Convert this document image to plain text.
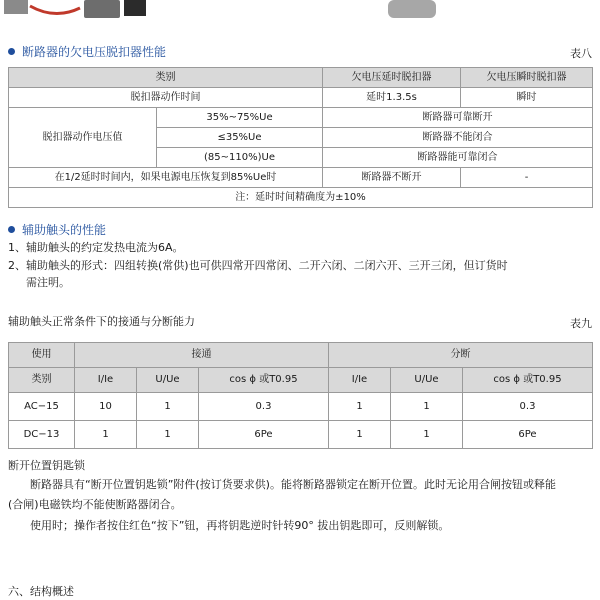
断路器的欠电压脱扣器性能	表八
类别		欠电压延时脱扣器	欠电压瞬时脱扣器
脱扣器动作时间		延时1.3.5s	瞬时
脱扣器动作电压值	35%~75%Ue	断路器可靠断开	
	≤35%Ue	断路器不能闭合	
	(85~110%)Ue	断路器能可靠闭合	
在1/2延时时间内，如果电源电压恢复到85%Ue时		断路器不断开	-
注：延时时间精确度为±10%			
辅助触头的性能
1、辅助触头的约定发热电流为6A。
2、辅助触头的形式：四组转换(常供)也可供四常开四常闭、二开六闭、二闭六开、三开三闭，但订货时
需注明。
辅助触头正常条件下的接通与分断能力	表九
使用	接通			分断		
类别	I/Ie	U/Ue	cos ϕ 或T0.95	I/Ie	U/Ue	cos ϕ 或T0.95
AC−15	10	1	0.3	1	1	0.3
DC−13	1	1	6Pe	1	1	6Pe
断开位置钥匙锁
断路器具有“断开位置钥匙锁”附件(按订货要求供)。能将断路器锁定在断开位置。此时无论用合闸按钮或释能
(合闸)电磁铁均不能使断路器闭合。
使用时；操作者按住红色“按下”钮，再将钥匙逆时针转90° 拔出钥匙即可，反则解锁。
六、结构概述
